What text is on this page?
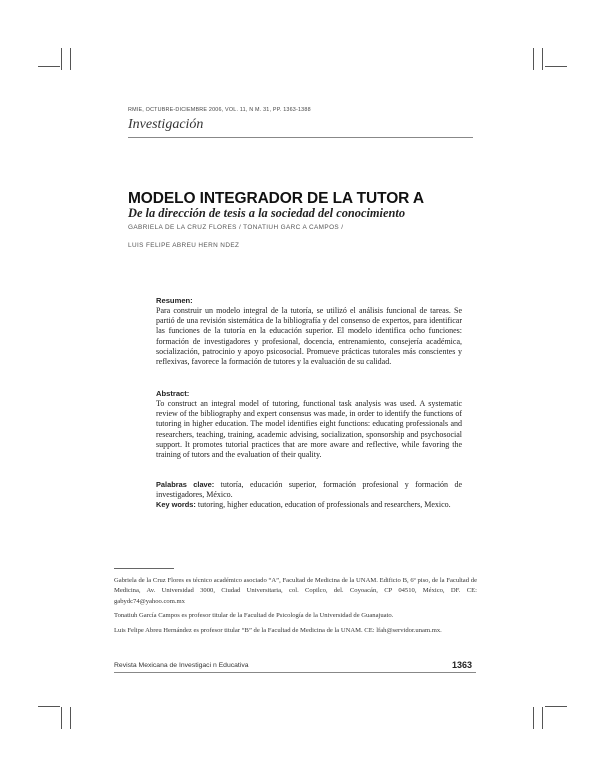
RMIE, OCTUBRE-DICIEMBRE 2006, VOL. 11, N M. 31, PP. 1363-1388
Investigación
MODELO INTEGRADOR DE LA TUTOR A
De la dirección de tesis a la sociedad del conocimiento
GABRIELA DE LA CRUZ FLORES / TONATIUH GARC A CAMPOS /
LUIS FELIPE ABREU HERN NDEZ
Resumen:
Para construir un modelo integral de la tutoría, se utilizó el análisis funcional de tareas. Se partió de una revisión sistemática de la bibliografía y del consenso de expertos, para identificar las funciones de la tutoría en la educación superior. El modelo identifica ocho funciones: formación de investigadores y profesional, docencia, entrenamiento, consejería académica, socialización, patrocinio y apoyo psicosocial. Promueve prácticas tutorales más conscientes y reflexivas, favorece la formación de tutores y la evaluación de su calidad.
Abstract:
To construct an integral model of tutoring, functional task analysis was used. A systematic review of the bibliography and expert consensus was made, in order to identify the functions of tutoring in higher education. The model identifies eight functions: educating professionals and researchers, teaching, training, academic advising, socialization, sponsorship and psychosocial support. It promotes tutorial practices that are more aware and reflective, while favoring the training of tutors and the evaluation of their quality.
Palabras clave: tutoría, educación superior, formación profesional y formación de investigadores, México.
Key words: tutoring, higher education, education of professionals and researchers, Mexico.

Gabriela de la Cruz Flores es técnico académico asociado “A”, Facultad de Medicina de la UNAM. Edificio B, 6º piso, de la Facultad de Medicina, Av. Universidad 3000, Ciudad Universitaria, col. Copilco, del. Coyoacán, CP 04510, México, DF. CE: gabydc74@yahoo.com.mx

Tonatiuh García Campos es profesor titular de la Facultad de Psicología de la Universidad de Guanajuato.

Luis Felipe Abreu Hernández es profesor titular “B” de la Facultad de Medicina de la UNAM. CE: lfah@servidor.unam.mx.

Revista Mexicana de Investigaci n Educativa	1363
